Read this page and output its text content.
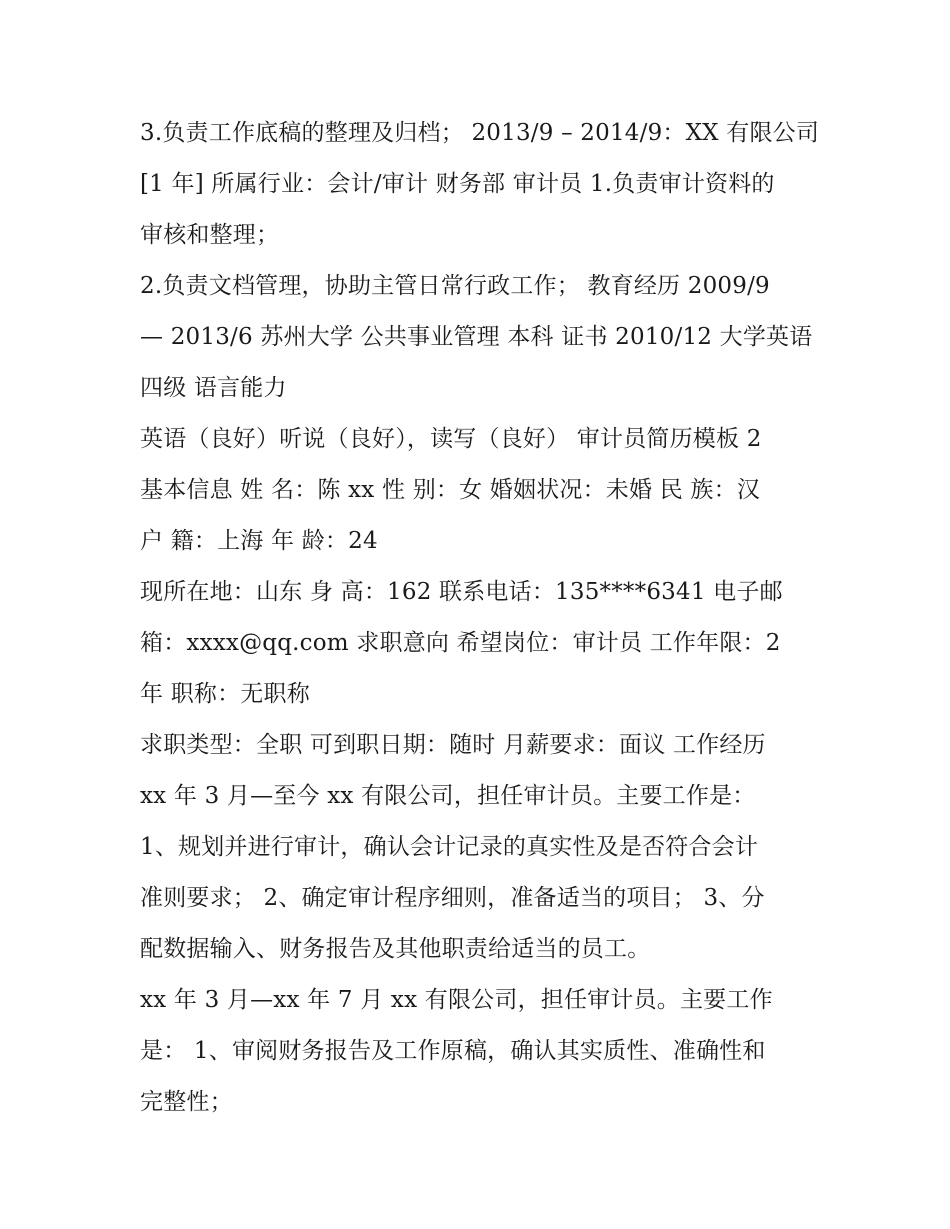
3.负责工作底稿的整理及归档； 2013/9 – 2014/9：XX 有限公司
[1 年] 所属行业：会计/审计 财务部 审计员 1.负责审计资料的
审核和整理；
2.负责文档管理，协助主管日常行政工作； 教育经历 2009/9
— 2013/6 苏州大学 公共事业管理 本科 证书 2010/12 大学英语
四级 语言能力
英语（良好）听说（良好），读写（良好） 审计员简历模板 2
基本信息 姓 名：陈 xx 性 别：女 婚姻状况：未婚 民 族：汉
户 籍：上海 年 龄：24
现所在地：山东 身 高：162 联系电话：135****6341 电子邮
箱：xxxx@qq.com 求职意向 希望岗位：审计员 工作年限：2
年 职称：无职称
求职类型：全职 可到职日期：随时 月薪要求：面议 工作经历
xx 年 3 月—至今 xx 有限公司，担任审计员。主要工作是：
1、规划并进行审计，确认会计记录的真实性及是否符合会计
准则要求； 2、确定审计程序细则，准备适当的项目； 3、分
配数据输入、财务报告及其他职责给适当的员工。
xx 年 3 月—xx 年 7 月 xx 有限公司，担任审计员。主要工作
是： 1、审阅财务报告及工作原稿，确认其实质性、准确性和
完整性；
